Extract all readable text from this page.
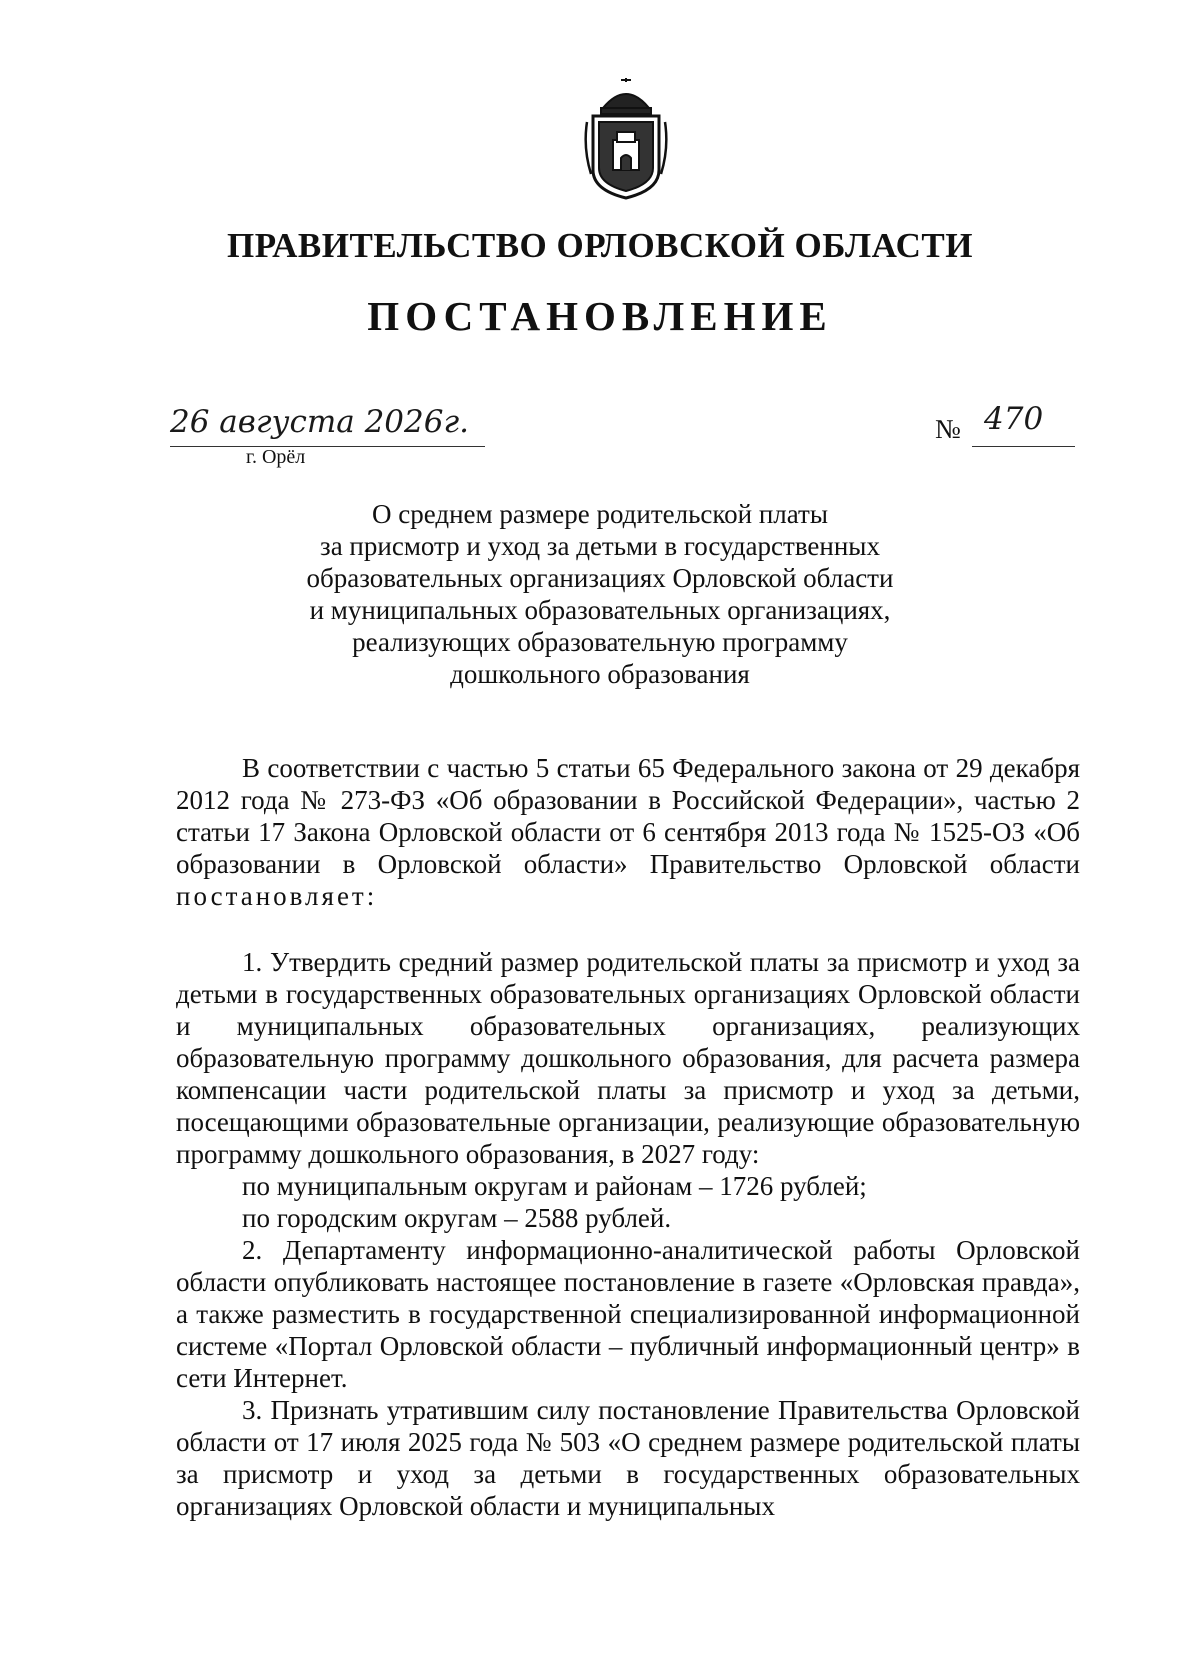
ПРАВИТЕЛЬСТВО ОРЛОВСКОЙ ОБЛАСТИ
ПОСТАНОВЛЕНИЕ
26 августа 2026г.
г. Орёл
№ 470
О среднем размере родительской платы
за присмотр и уход за детьми в государственных
образовательных организациях Орловской области
и муниципальных образовательных организациях,
реализующих образовательную программу
дошкольного образования

В соответствии с частью 5 статьи 65 Федерального закона от 29 декабря 2012 года № 273-ФЗ «Об образовании в Российской Федерации», частью 2 статьи 17 Закона Орловской области от 6 сентября 2013 года № 1525-ОЗ «Об образовании в Орловской области» Правительство Орловской области постановляет:

1. Утвердить средний размер родительской платы за присмотр и уход за детьми в государственных образовательных организациях Орловской области и муниципальных образовательных организациях, реализующих образовательную программу дошкольного образования, для расчета размера компенсации части родительской платы за присмотр и уход за детьми, посещающими образовательные организации, реализующие образовательную программу дошкольного образования, в 2027 году:

по муниципальным округам и районам – 1726 рублей;

по городским округам – 2588 рублей.

2. Департаменту информационно-аналитической работы Орловской области опубликовать настоящее постановление в газете «Орловская правда», а также разместить в государственной специализированной информационной системе «Портал Орловской области – публичный информационный центр» в сети Интернет.

3. Признать утратившим силу постановление Правительства Орловской области от 17 июля 2025 года № 503 «О среднем размере родительской платы за присмотр и уход за детьми в государственных образовательных организациях Орловской области и муниципальных
